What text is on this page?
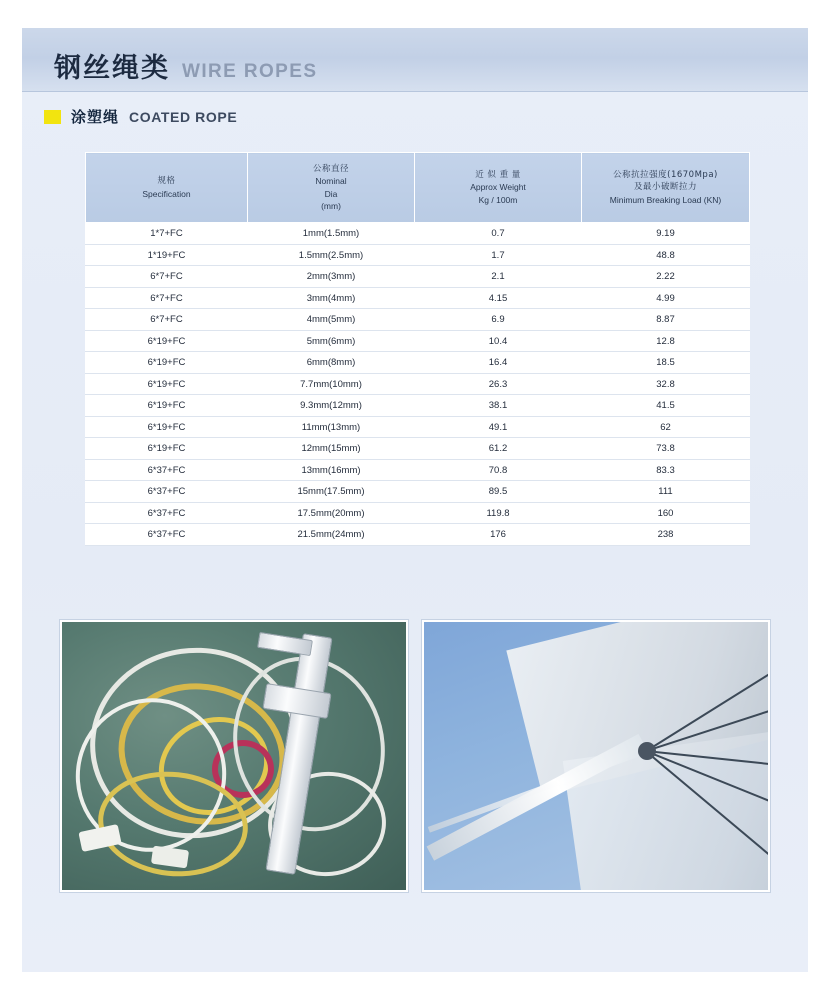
钢丝绳类 WIRE ROPES
涂塑绳 COATED ROPE
规格
Specification

公称直径
Nominal
Dia
(mm)

近 似 重 量
Approx Weight
Kg / 100m

公称抗拉强度(1670Mpa)
及最小破断拉力
Minimum Breaking Load (KN)

1*7+FC	1mm(1.5mm)	0.7	9.19
1*19+FC	1.5mm(2.5mm)	1.7	48.8
6*7+FC	2mm(3mm)	2.1	2.22
6*7+FC	3mm(4mm)	4.15	4.99
6*7+FC	4mm(5mm)	6.9	8.87
6*19+FC	5mm(6mm)	10.4	12.8
6*19+FC	6mm(8mm)	16.4	18.5
6*19+FC	7.7mm(10mm)	26.3	32.8
6*19+FC	9.3mm(12mm)	38.1	41.5
6*19+FC	11mm(13mm)	49.1	62
6*19+FC	12mm(15mm)	61.2	73.8
6*37+FC	13mm(16mm)	70.8	83.3
6*37+FC	15mm(17.5mm)	89.5	111
6*37+FC	17.5mm(20mm)	119.8	160
6*37+FC	21.5mm(24mm)	176	238
